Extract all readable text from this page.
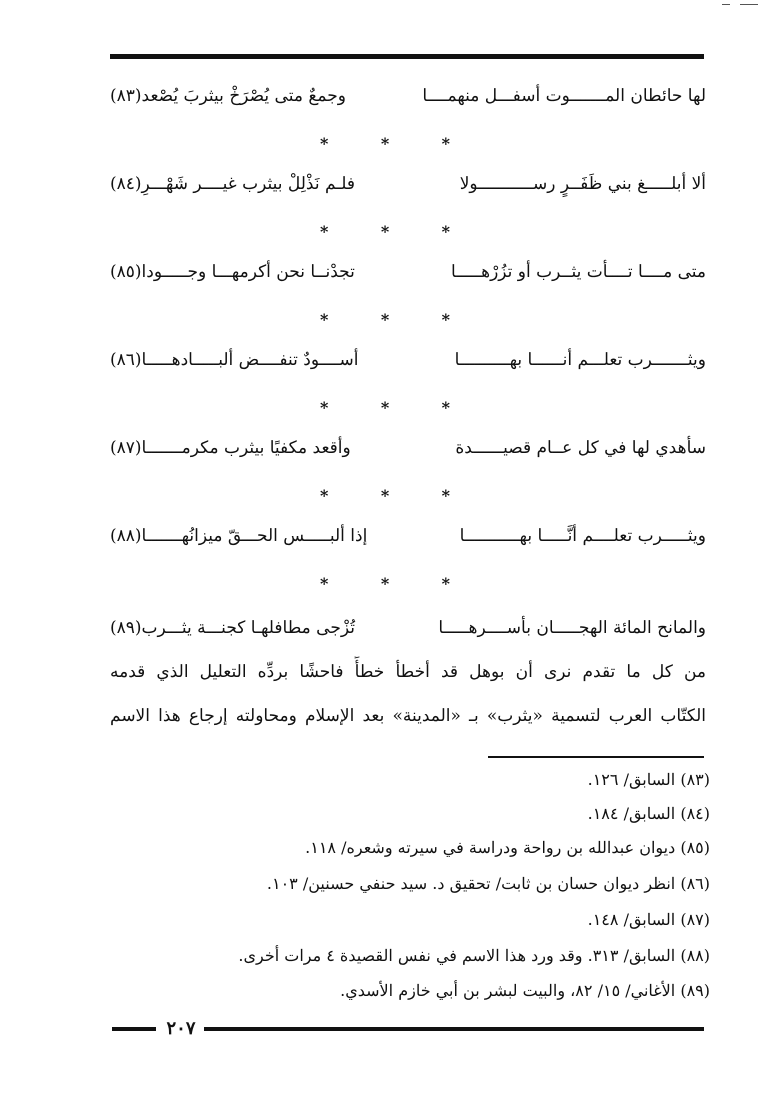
لها حائطان المـــــــوت أسفـــل منهمــــا
وجمعٌ متى يُصْرَخْ بيثربَ يُصْعد(٨٣)
*	*	*
ألا أبلـــــغ بني ظَفَــرٍ رســـــــــــولا
فلـم نَذْلِلْ بيثرب غيــــر شَهْـــرِ(٨٤)
*	*	*
متى مــــا تــــأت يثــرب أو تزُرْهـــــا
تجدْنــا نحن أكرمهـــا وجـــــودا(٨٥)
*	*	*
ويثـــــــرب تعلـــم أنــــــا بهــــــــــا
أســــودٌ تنفــــض ألبـــــادهـــــا(٨٦)
*	*	*
سأهدي لها في كل عــام قصيــــــدة
وأقعد مكفيًا بيثرب مكرمـــــــا(٨٧)
*	*	*
ويثـــــرب تعلــــم أنَّـــــا بهـــــــــــا
إذا ألبـــــس الحـــقّ ميزانُهـــــــا(٨٨)
*	*	*
والمانح المائة الهجـــــان بأســــرهـــــا
تُزْجى مطافلهـا كجنـــة يثـــرب(٨٩)
من كل ما تقدم نرى أن بوهل قد أخطأ خطأً فاحشًا بردِّه التعليل الذي قدمه
الكتّاب العرب لتسمية «يثرب» بـ «المدينة» بعد الإسلام ومحاولته إرجاع هذا الاسم
(٨٣) السابق/ ١٢٦.
(٨٤) السابق/ ١٨٤.
(٨٥) ديوان عبدالله بن رواحة ودراسة في سيرته وشعره/ ١١٨.
(٨٦) انظر ديوان حسان بن ثابت/ تحقيق د. سيد حنفي حسنين/ ١٠٣.
(٨٧) السابق/ ١٤٨.
(٨٨) السابق/ ٣١٣. وقد ورد هذا الاسم في نفس القصيدة ٤ مرات أخرى.
(٨٩) الأغاني/ ١٥/ ٨٢، والبيت لبشر بن أبي خازم الأسدي.
٢٠٧
